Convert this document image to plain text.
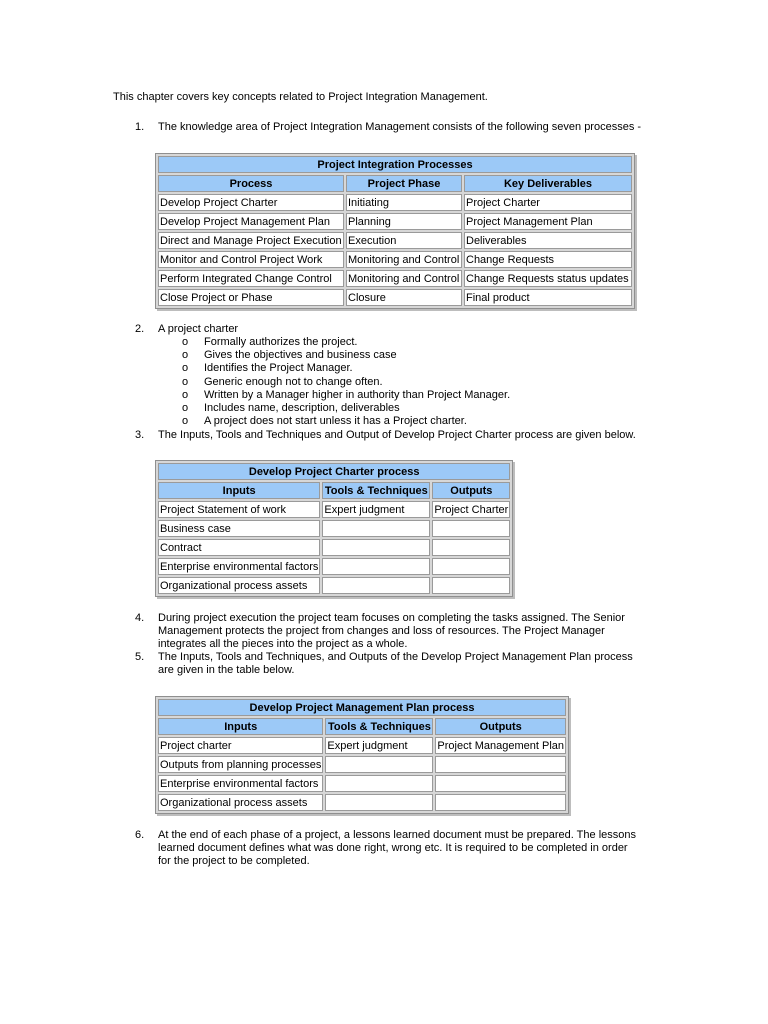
This chapter covers key concepts related to Project Integration Management.
1.	The knowledge area of Project Integration Management consists of the following seven processes -
Project Integration Processes		
Process	Project Phase	Key Deliverables
Develop Project Charter	Initiating	Project Charter
Develop Project Management Plan	Planning	Project Management Plan
Direct and Manage Project Execution	Execution	Deliverables
Monitor and Control Project Work	Monitoring and Control	Change Requests
Perform Integrated Change Control	Monitoring and Control	Change Requests status updates
Close Project or Phase	Closure	Final product
2.	A project charter
o Formally authorizes the project.
o Gives the objectives and business case
o Identifies the Project Manager.
o Generic enough not to change often.
o Written by a Manager higher in authority than Project Manager.
o Includes name, description, deliverables
o A project does not start unless it has a Project charter.
3.	The Inputs, Tools and Techniques and Output of Develop Project Charter process are given below.
Develop Project Charter process		
Inputs	Tools & Techniques	Outputs
Project Statement of work	Expert judgment	Project Charter
Business case		
Contract		
Enterprise environmental factors		
Organizational process assets		
4.	During project execution the project team focuses on completing the tasks assigned. The Senior
Management protects the project from changes and loss of resources. The Project Manager
integrates all the pieces into the project as a whole.
5.	The Inputs, Tools and Techniques, and Outputs of the Develop Project Management Plan process
are given in the table below.
Develop Project Management Plan process		
Inputs	Tools & Techniques	Outputs
Project charter	Expert judgment	Project Management Plan
Outputs from planning processes		
Enterprise environmental factors		
Organizational process assets		
6.	At the end of each phase of a project, a lessons learned document must be prepared. The lessons
learned document defines what was done right, wrong etc. It is required to be completed in order
for the project to be completed.
